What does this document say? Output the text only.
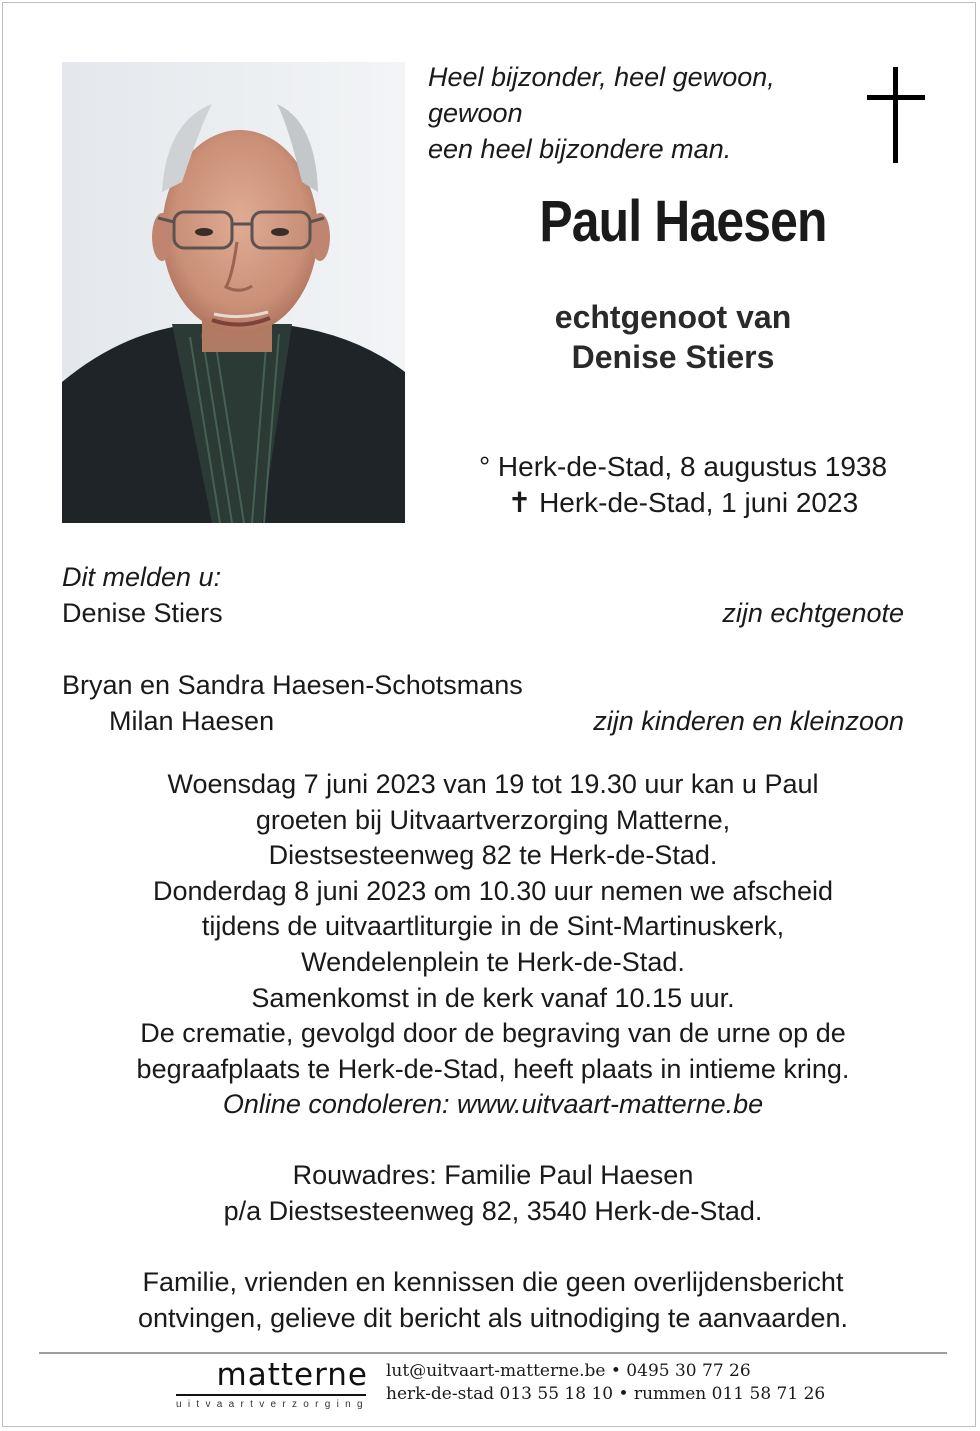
Heel bijzonder, heel gewoon,
gewoon
een heel bijzondere man.
Paul Haesen
echtgenoot van
Denise Stiers
° Herk-de-Stad, 8 augustus 1938
✝ Herk-de-Stad, 1 juni 2023
Dit melden u:
Denise Stiers	zijn echtgenote
Bryan en Sandra Haesen-Schotsmans
Milan Haesen	zijn kinderen en kleinzoon
Woensdag 7 juni 2023 van 19 tot 19.30 uur kan u Paul
groeten bij Uitvaartverzorging Matterne,
Diestsesteenweg 82 te Herk-de-Stad.
Donderdag 8 juni 2023 om 10.30 uur nemen we afscheid
tijdens de uitvaartliturgie in de Sint-Martinuskerk,
Wendelenplein te Herk-de-Stad.
Samenkomst in de kerk vanaf 10.15 uur.
De crematie, gevolgd door de begraving van de urne op de
begraafplaats te Herk-de-Stad, heeft plaats in intieme kring.
Online condoleren: www.uitvaart-matterne.be
Rouwadres: Familie Paul Haesen
p/a Diestsesteenweg 82, 3540 Herk-de-Stad.
Familie, vrienden en kennissen die geen overlijdensbericht
ontvingen, gelieve dit bericht als uitnodiging te aanvaarden.
matterne
uitvaartverzorging
lut@uitvaart-matterne.be • 0495 30 77 26
herk-de-stad 013 55 18 10 • rummen 011 58 71 26
